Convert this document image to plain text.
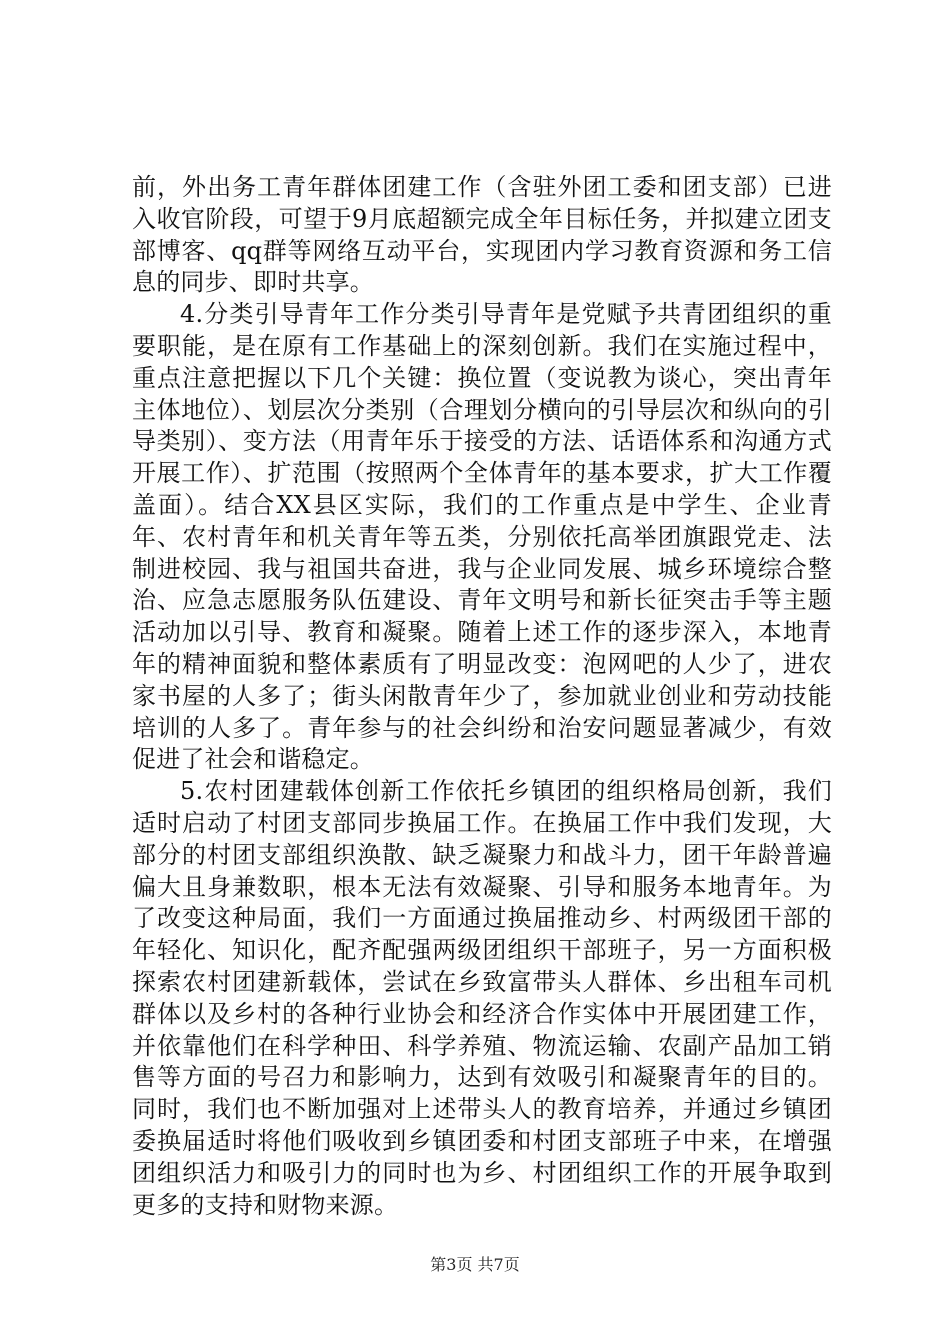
前，外出务工青年群体团建工作（含驻外团工委和团支部）已进入收官阶段，可望于9月底超额完成全年目标任务，并拟建立团支部博客、qq群等网络互动平台，实现团内学习教育资源和务工信息的同步、即时共享。

4.分类引导青年工作分类引导青年是党赋予共青团组织的重要职能，是在原有工作基础上的深刻创新。我们在实施过程中，重点注意把握以下几个关键：换位置（变说教为谈心，突出青年主体地位）、划层次分类别（合理划分横向的引导层次和纵向的引导类别）、变方法（用青年乐于接受的方法、话语体系和沟通方式开展工作）、扩范围（按照两个全体青年的基本要求，扩大工作覆盖面）。结合XX县区实际，我们的工作重点是中学生、企业青年、农村青年和机关青年等五类，分别依托高举团旗跟党走、法制进校园、我与祖国共奋进，我与企业同发展、城乡环境综合整治、应急志愿服务队伍建设、青年文明号和新长征突击手等主题活动加以引导、教育和凝聚。随着上述工作的逐步深入，本地青年的精神面貌和整体素质有了明显改变：泡网吧的人少了，进农家书屋的人多了；街头闲散青年少了，参加就业创业和劳动技能培训的人多了。青年参与的社会纠纷和治安问题显著减少，有效促进了社会和谐稳定。

5.农村团建载体创新工作依托乡镇团的组织格局创新，我们适时启动了村团支部同步换届工作。在换届工作中我们发现，大部分的村团支部组织涣散、缺乏凝聚力和战斗力，团干年龄普遍偏大且身兼数职，根本无法有效凝聚、引导和服务本地青年。为了改变这种局面，我们一方面通过换届推动乡、村两级团干部的年轻化、知识化，配齐配强两级团组织干部班子，另一方面积极探索农村团建新载体，尝试在乡致富带头人群体、乡出租车司机群体以及乡村的各种行业协会和经济合作实体中开展团建工作，并依靠他们在科学种田、科学养殖、物流运输、农副产品加工销售等方面的号召力和影响力，达到有效吸引和凝聚青年的目的。同时，我们也不断加强对上述带头人的教育培养，并通过乡镇团委换届适时将他们吸收到乡镇团委和村团支部班子中来，在增强团组织活力和吸引力的同时也为乡、村团组织工作的开展争取到更多的支持和财物来源。

第3页 共7页
